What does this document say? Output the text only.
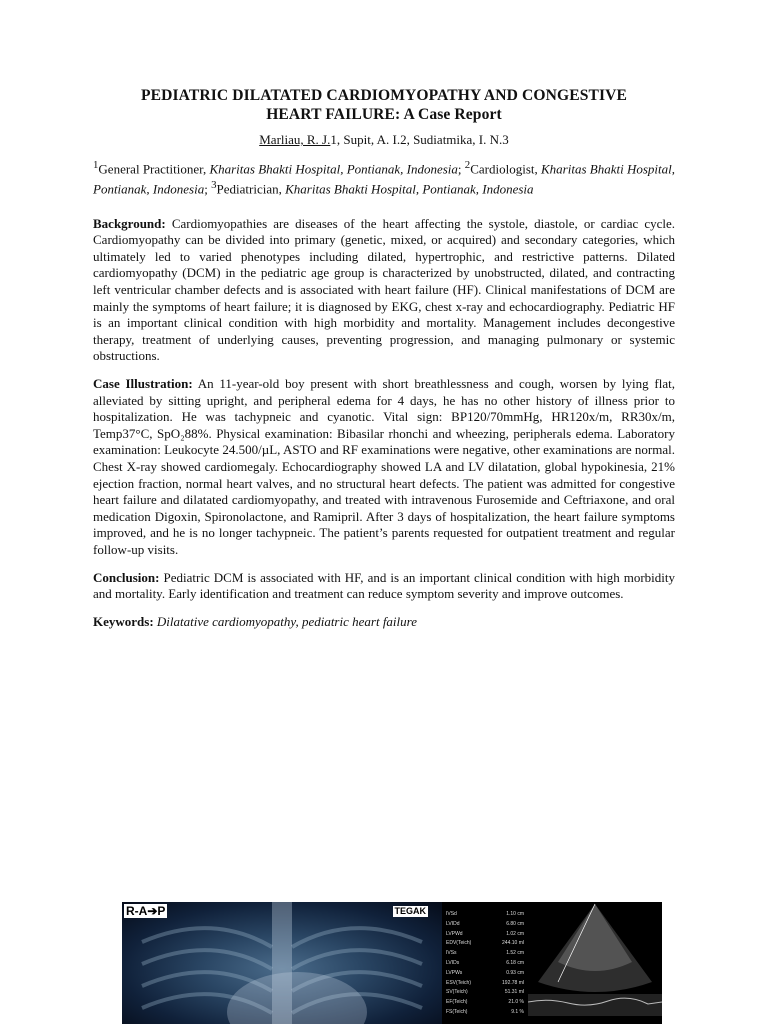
PEDIATRIC DILATATED CARDIOMYOPATHY AND CONGESTIVE
HEART FAILURE: A Case Report
Marliau, R. J.1, Supit, A. I.2, Sudiatmika, I. N.3
$^1$General Practitioner, Kharitas Bhakti Hospital, Pontianak, Indonesia; $^2$Cardiologist, Kharitas Bhakti Hospital, Pontianak, Indonesia; $^3$Pediatrician, Kharitas Bhakti Hospital, Pontianak, Indonesia
Background: Cardiomyopathies are diseases of the heart affecting the systole, diastole, or cardiac cycle. Cardiomyopathy can be divided into primary (genetic, mixed, or acquired) and secondary categories, which ultimately led to varied phenotypes including dilated, hypertrophic, and restrictive patterns. Dilated cardiomyopathy (DCM) in the pediatric age group is characterized by unobstructed, dilated, and contracting left ventricular chamber defects and is associated with heart failure (HF). Clinical manifestations of DCM are mainly the symptoms of heart failure; it is diagnosed by EKG, chest x-ray and echocardiography. Pediatric HF is an important clinical condition with high morbidity and mortality. Management includes decongestive therapy, treatment of underlying causes, preventing progression, and managing pulmonary or systemic obstructions.
Case Illustration: An 11-year-old boy present with short breathlessness and cough, worsen by lying flat, alleviated by sitting upright, and peripheral edema for 4 days, he has no other history of illness prior to hospitalization. He was tachypneic and cyanotic. Vital sign: BP120/70mmHg, HR120x/m, RR30x/m, Temp37°C, SpO₂88%. Physical examination: Bibasilar rhonchi and wheezing, peripherals edema. Laboratory examination: Leukocyte 24.500/µL, ASTO and RF examinations were negative, other examinations are normal. Chest X-ray showed cardiomegaly. Echocardiography showed LA and LV dilatation, global hypokinesia, 21% ejection fraction, normal heart valves, and no structural heart defects. The patient was admitted for congestive heart failure and dilatated cardiomyopathy, and treated with intravenous Furosemide and Ceftriaxone, and oral medication Digoxin, Spironolactone, and Ramipril. After 3 days of hospitalization, the heart failure symptoms improved, and he is no longer tachypneic. The patient’s parents requested for outpatient treatment and regular follow-up visits.
Conclusion: Pediatric DCM is associated with HF, and is an important clinical condition with high morbidity and mortality. Early identification and treatment can reduce symptom severity and improve outcomes.
Keywords: Dilatative cardiomyopathy, pediatric heart failure
R-A➔P	TEGAK	IVSd	1.10 cm
LVIDd	6.80 cm
LVPWd	1.02 cm
EDV(Teich)	244.10 ml
IVSs	1.52 cm
LVIDs	6.18 cm
LVPWs	0.93 cm
ESV(Teich)	192.78 ml
SV(Teich)	51.31 ml
EF(Teich)	21.0 %
FS(Teich)	9.1 %
